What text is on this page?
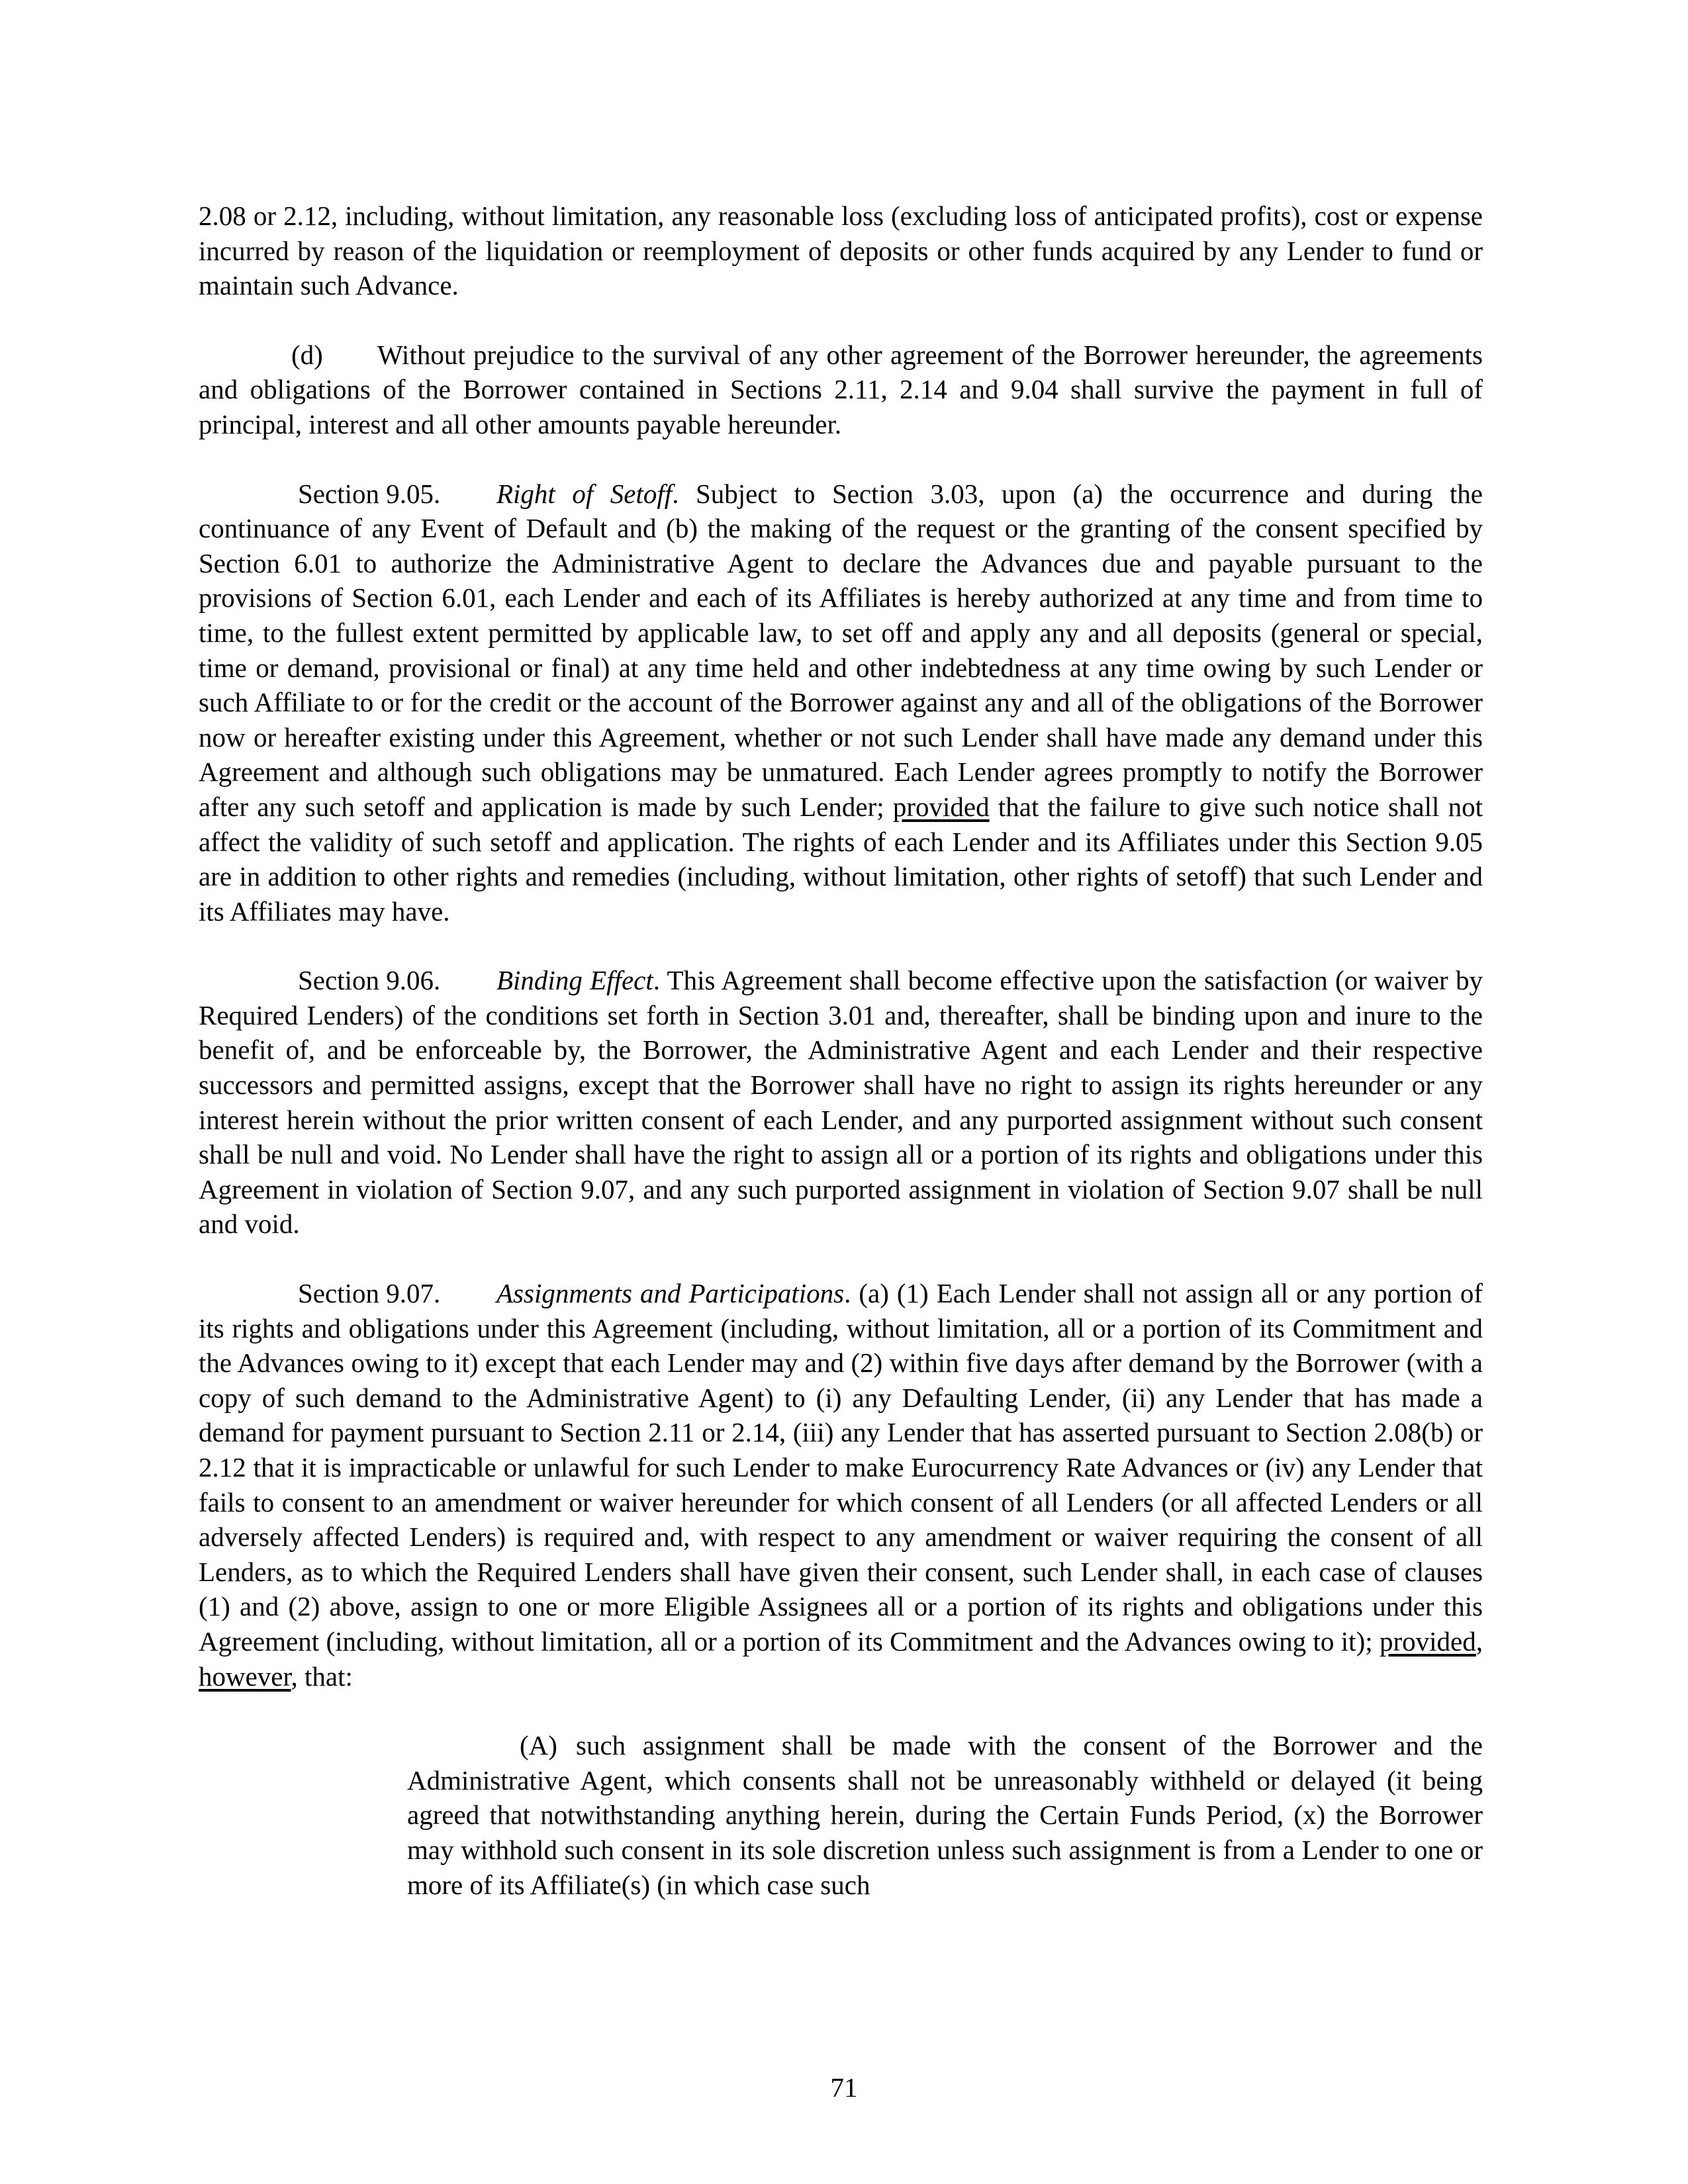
2.08 or 2.12, including, without limitation, any reasonable loss (excluding loss of anticipated profits), cost or expense incurred by reason of the liquidation or reemployment of deposits or other funds acquired by any Lender to fund or maintain such Advance.

(d) Without prejudice to the survival of any other agreement of the Borrower hereunder, the agreements and obligations of the Borrower contained in Sections 2.11, 2.14 and 9.04 shall survive the payment in full of principal, interest and all other amounts payable hereunder.

Section 9.05. Right of Setoff. Subject to Section 3.03, upon (a) the occurrence and during the continuance of any Event of Default and (b) the making of the request or the granting of the consent specified by Section 6.01 to authorize the Administrative Agent to declare the Advances due and payable pursuant to the provisions of Section 6.01, each Lender and each of its Affiliates is hereby authorized at any time and from time to time, to the fullest extent permitted by applicable law, to set off and apply any and all deposits (general or special, time or demand, provisional or final) at any time held and other indebtedness at any time owing by such Lender or such Affiliate to or for the credit or the account of the Borrower against any and all of the obligations of the Borrower now or hereafter existing under this Agreement, whether or not such Lender shall have made any demand under this Agreement and although such obligations may be unmatured. Each Lender agrees promptly to notify the Borrower after any such setoff and application is made by such Lender; provided that the failure to give such notice shall not affect the validity of such setoff and application. The rights of each Lender and its Affiliates under this Section 9.05 are in addition to other rights and remedies (including, without limitation, other rights of setoff) that such Lender and its Affiliates may have.

Section 9.06. Binding Effect. This Agreement shall become effective upon the satisfaction (or waiver by Required Lenders) of the conditions set forth in Section 3.01 and, thereafter, shall be binding upon and inure to the benefit of, and be enforceable by, the Borrower, the Administrative Agent and each Lender and their respective successors and permitted assigns, except that the Borrower shall have no right to assign its rights hereunder or any interest herein without the prior written consent of each Lender, and any purported assignment without such consent shall be null and void. No Lender shall have the right to assign all or a portion of its rights and obligations under this Agreement in violation of Section 9.07, and any such purported assignment in violation of Section 9.07 shall be null and void.

Section 9.07. Assignments and Participations. (a) (1) Each Lender shall not assign all or any portion of its rights and obligations under this Agreement (including, without limitation, all or a portion of its Commitment and the Advances owing to it) except that each Lender may and (2) within five days after demand by the Borrower (with a copy of such demand to the Administrative Agent) to (i) any Defaulting Lender, (ii) any Lender that has made a demand for payment pursuant to Section 2.11 or 2.14, (iii) any Lender that has asserted pursuant to Section 2.08(b) or 2.12 that it is impracticable or unlawful for such Lender to make Eurocurrency Rate Advances or (iv) any Lender that fails to consent to an amendment or waiver hereunder for which consent of all Lenders (or all affected Lenders or all adversely affected Lenders) is required and, with respect to any amendment or waiver requiring the consent of all Lenders, as to which the Required Lenders shall have given their consent, such Lender shall, in each case of clauses (1) and (2) above, assign to one or more Eligible Assignees all or a portion of its rights and obligations under this Agreement (including, without limitation, all or a portion of its Commitment and the Advances owing to it); provided, however, that:

(A) such assignment shall be made with the consent of the Borrower and the Administrative Agent, which consents shall not be unreasonably withheld or delayed (it being agreed that notwithstanding anything herein, during the Certain Funds Period, (x) the Borrower may withhold such consent in its sole discretion unless such assignment is from a Lender to one or more of its Affiliate(s) (in which case such

71
